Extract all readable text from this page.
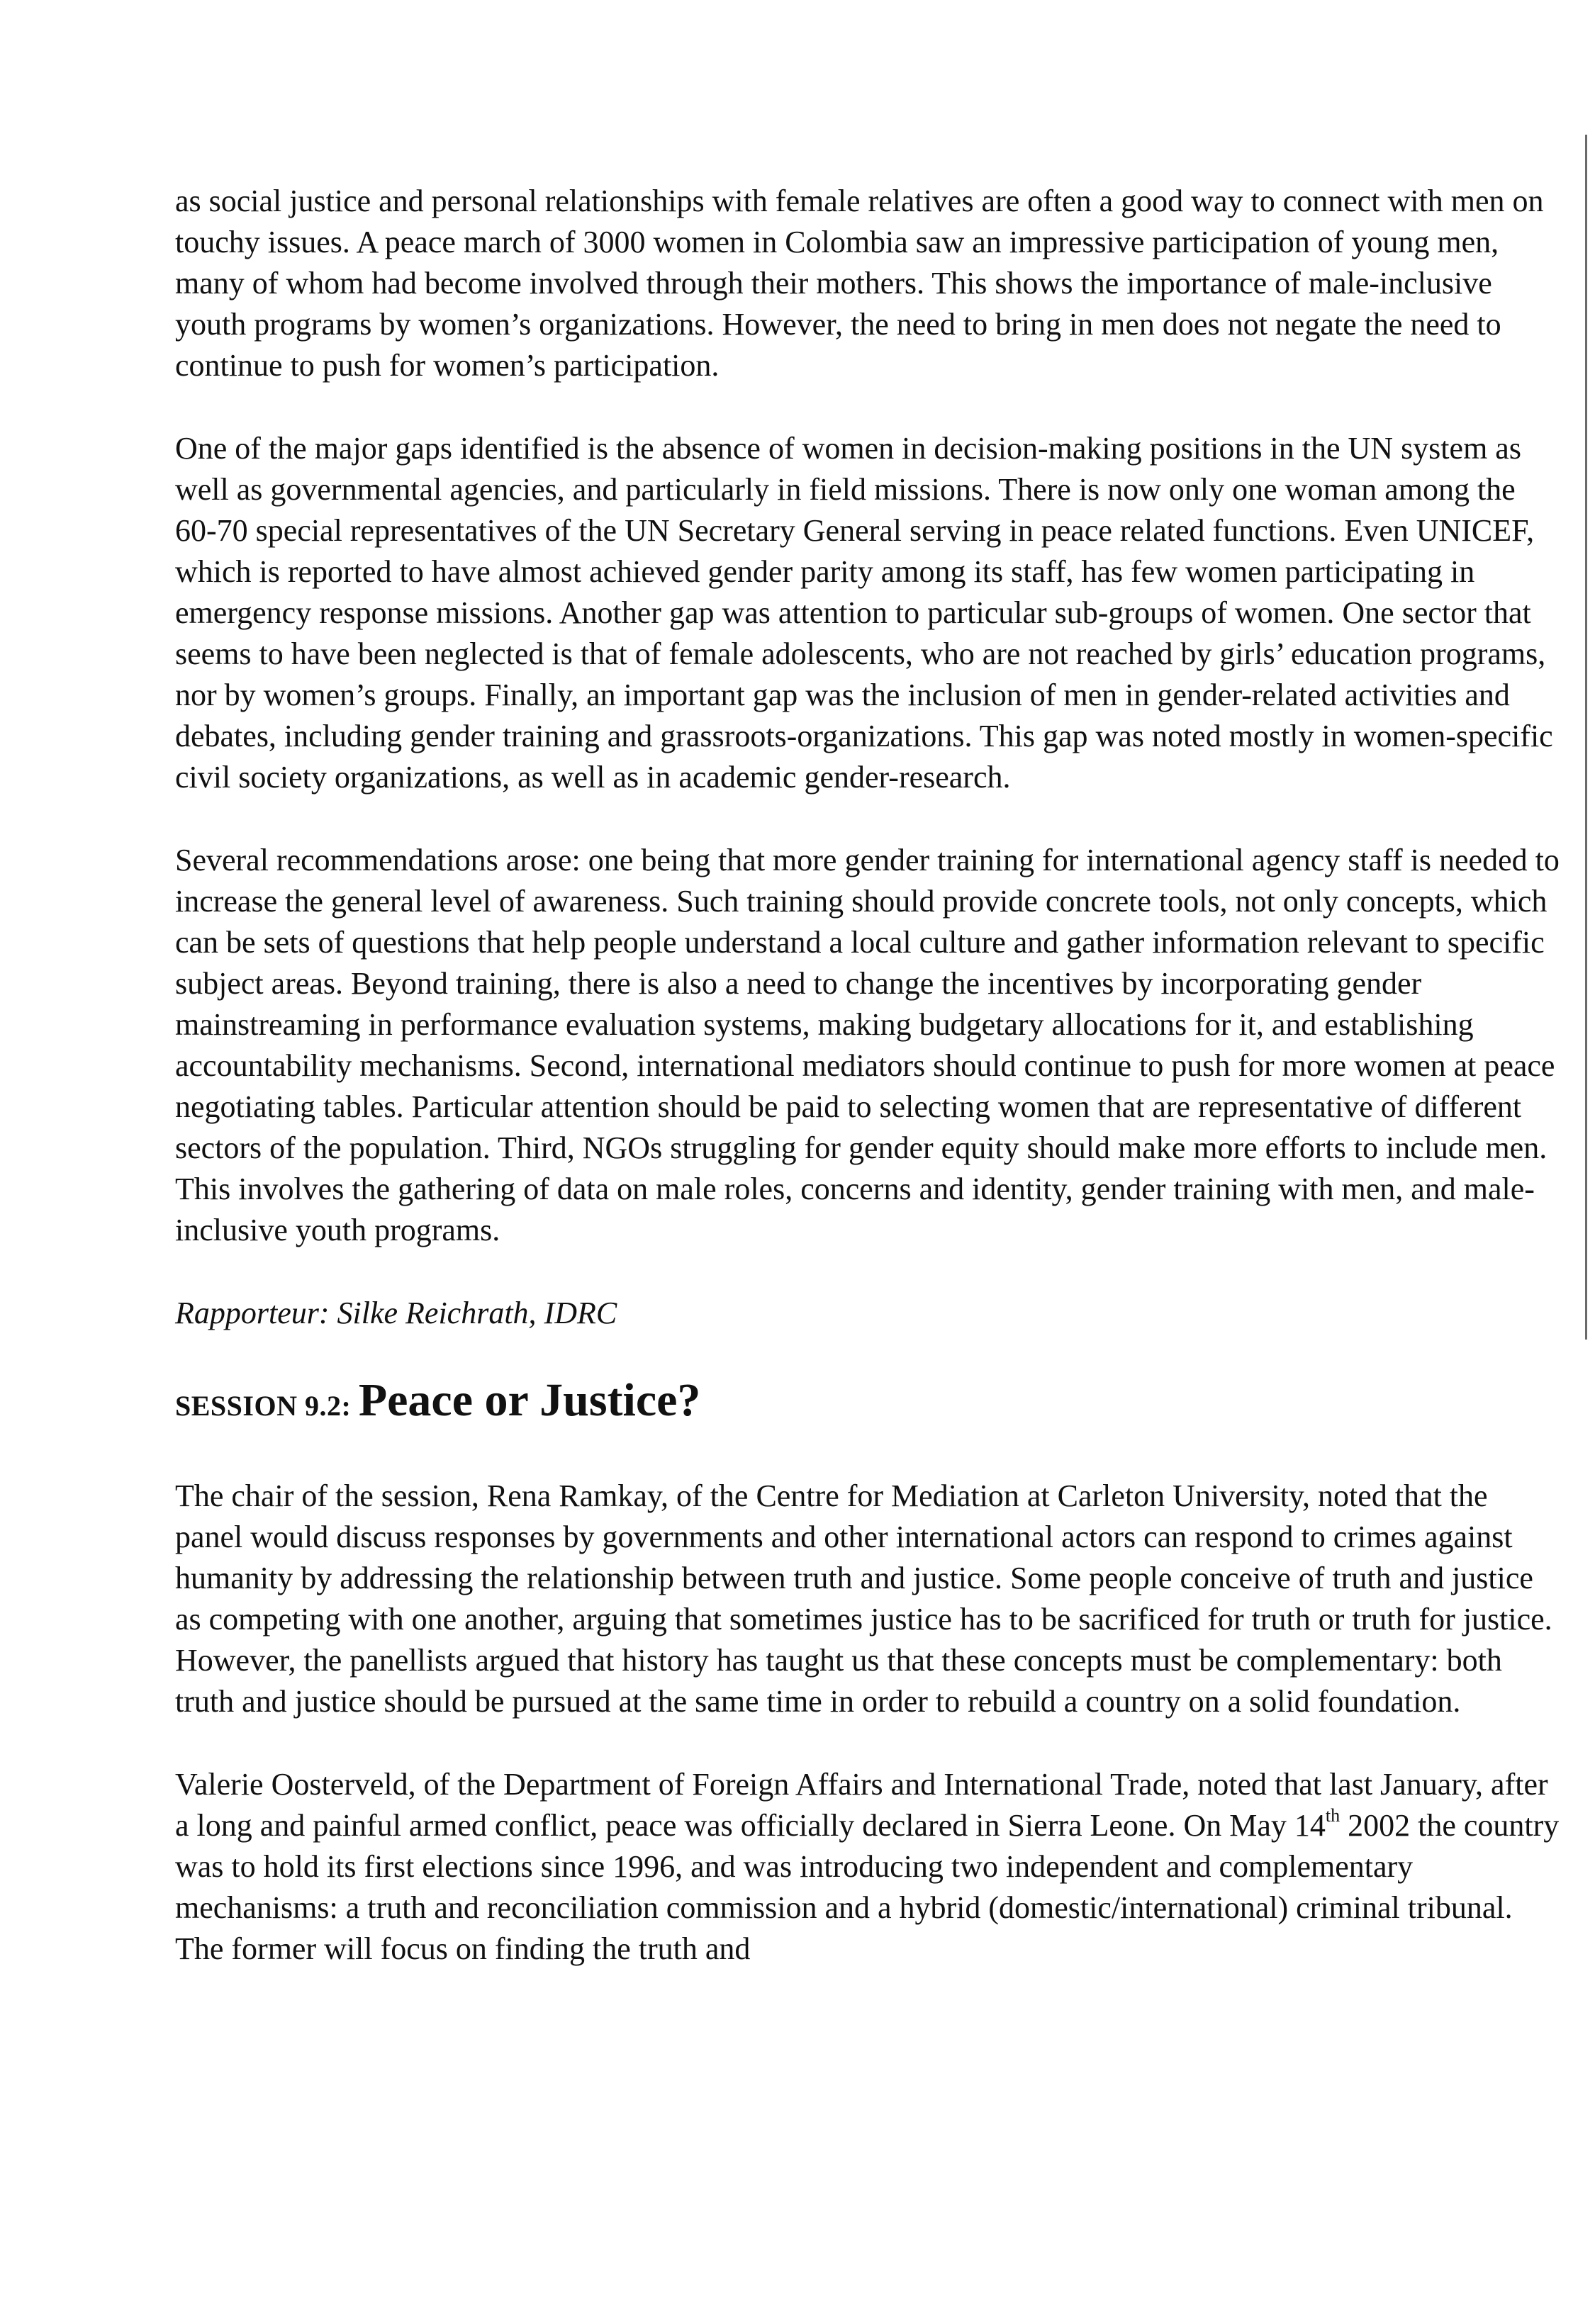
as social justice and personal relationships with female relatives are often a good way to connect with men on touchy issues. A peace march of 3000 women in Colombia saw an impressive participation of young men, many of whom had become involved through their mothers. This shows the importance of male-inclusive youth programs by women’s organizations. However, the need to bring in men does not negate the need to continue to push for women’s participation.

One of the major gaps identified is the absence of women in decision-making positions in the UN system as well as governmental agencies, and particularly in field missions. There is now only one woman among the 60-70 special representatives of the UN Secretary General serving in peace related functions. Even UNICEF, which is reported to have almost achieved gender parity among its staff, has few women participating in emergency response missions. Another gap was attention to particular sub-groups of women. One sector that seems to have been neglected is that of female adolescents, who are not reached by girls’ education programs, nor by women’s groups. Finally, an important gap was the inclusion of men in gender-related activities and debates, including gender training and grassroots-organizations. This gap was noted mostly in women-specific civil society organizations, as well as in academic gender-research.

Several recommendations arose: one being that more gender training for international agency staff is needed to increase the general level of awareness. Such training should provide concrete tools, not only concepts, which can be sets of questions that help people understand a local culture and gather information relevant to specific subject areas. Beyond training, there is also a need to change the incentives by incorporating gender mainstreaming in performance evaluation systems, making budgetary allocations for it, and establishing accountability mechanisms. Second, international mediators should continue to push for more women at peace negotiating tables. Particular attention should be paid to selecting women that are representative of different sectors of the population. Third, NGOs struggling for gender equity should make more efforts to include men. This involves the gathering of data on male roles, concerns and identity, gender training with men, and male-inclusive youth programs.

Rapporteur: Silke Reichrath, IDRC

SESSION 9.2: Peace or Justice?

The chair of the session, Rena Ramkay, of the Centre for Mediation at Carleton University, noted that the panel would discuss responses by governments and other international actors can respond to crimes against humanity by addressing the relationship between truth and justice. Some people conceive of truth and justice as competing with one another, arguing that sometimes justice has to be sacrificed for truth or truth for justice. However, the panellists argued that history has taught us that these concepts must be complementary: both truth and justice should be pursued at the same time in order to rebuild a country on a solid foundation.

Valerie Oosterveld, of the Department of Foreign Affairs and International Trade, noted that last January, after a long and painful armed conflict, peace was officially declared in Sierra Leone. On May 14th 2002 the country was to hold its first elections since 1996, and was introducing two independent and complementary mechanisms: a truth and reconciliation commission and a hybrid (domestic/international) criminal tribunal. The former will focus on finding the truth and
